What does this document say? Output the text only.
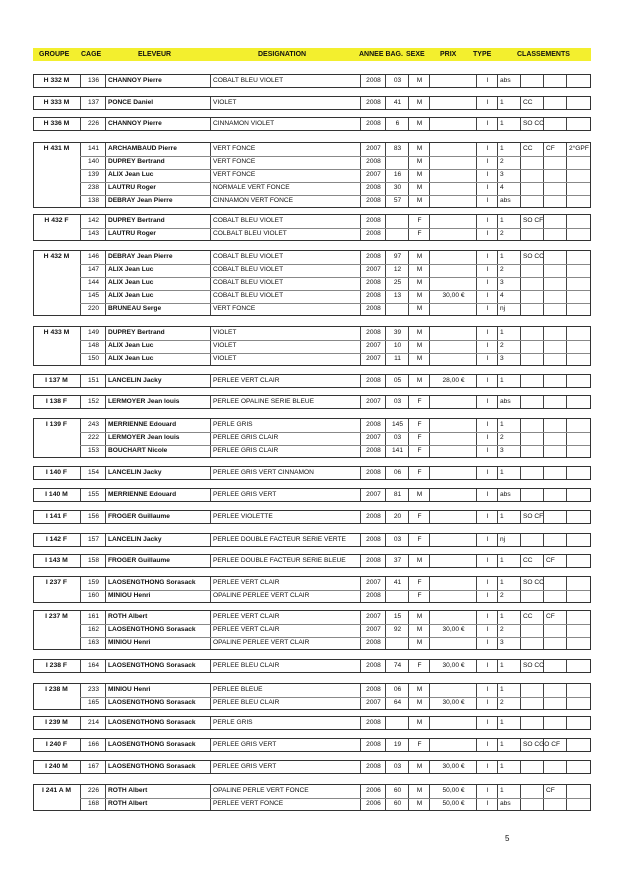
GROUPE CAGE	ELEVEUR	DESIGNATION	ANNEE BAG. SEXE PRIX TYPE	CLASSEMENTS
H 332 M	136	CHANNOY Pierre	COBALT BLEU VIOLET	2008	03	M	I	abs
H 333 M	137	PONCE Daniel	VIOLET	2008	41	M	I	1	CC
H 336 M	226	CHANNOY Pierre	CINNAMON VIOLET	2008	6	M	I	1	SO CC
H 431 M	141	ARCHAMBAUD Pierre	VERT FONCE	2007	83	M	I	1	CC	CF	2°GPF
140	DUPREY Bertrand	VERT FONCE	2008	M	I	2
139	ALIX Jean Luc	VERT FONCE	2007	16	M	I	3
238	LAUTRU Roger	NORMALE VERT FONCE	2008	30	M	I	4
138	DEBRAY Jean Pierre	CINNAMON VERT FONCE	2008	57	M	I	abs
H 432 F	142	DUPREY Bertrand	COBALT BLEU VIOLET	2008	F	I	1	SO CF
143	LAUTRU Roger	COLBALT BLEU VIOLET	2008	F	I	2
H 432 M	146	DEBRAY Jean Pierre	COBALT BLEU VIOLET	2008	97	M	I	1	SO CC
147	ALIX Jean Luc	COBALT BLEU VIOLET	2007	12	M	I	2
144	ALIX Jean Luc	COBALT BLEU VIOLET	2008	25	M	I	3
145	ALIX Jean Luc	COBALT BLEU VIOLET	2008	13	M	30,00 €	I	4
220	BRUNEAU Serge	VERT FONCE	2008	M	I	nj
H 433 M	149	DUPREY Bertrand	VIOLET	2008	39	M	I	1
148	ALIX Jean Luc	VIOLET	2007	10	M	I	2
150	ALIX Jean Luc	VIOLET	2007	11	M	I	3
I 137 M	151	LANCELIN Jacky	PERLEE VERT CLAIR	2008	05	M	28,00 €	I	1
I 138 F	152	LERMOYER Jean louis	PERLEE OPALINE SERIE BLEUE	2007	03	F	I	abs
I 139 F	243	MERRIENNE Edouard	PERLE GRIS	2008	145	F	I	1
222	LERMOYER Jean louis	PERLEE GRIS CLAIR	2007	03	F	I	2
153	BOUCHART Nicole	PERLEE GRIS CLAIR	2008	141	F	I	3
I 140 F	154	LANCELIN Jacky	PERLEE GRIS VERT CINNAMON	2008	06	F	I	1
I 140 M	155	MERRIENNE Edouard	PERLEE GRIS VERT	2007	81	M	I	abs
I 141 F	156	FROGER Guillaume	PERLEE VIOLETTE	2008	20	F	I	1	SO CF
I 142 F	157	LANCELIN Jacky	PERLEE DOUBLE FACTEUR SERIE VERTE	2008	03	F	I	nj
I 143 M	158	FROGER Guillaume	PERLEE DOUBLE FACTEUR SERIE BLEUE	2008	37	M	I	1	CC	CF
I 237 F	159	LAOSENGTHONG Sorasack	PERLEE VERT CLAIR	2007	41	F	I	1	SO CC
160	MINIOU Henri	OPALINE PERLEE VERT CLAIR	2008	F	I	2
I 237 M	161	ROTH Albert	PERLEE VERT CLAIR	2007	15	M	I	1	CC	CF
162	LAOSENGTHONG Sorasack	PERLEE VERT CLAIR	2007	92	M	30,00 €	I	2
163	MINIOU Henri	OPALINE PERLEE VERT CLAIR	2008	M	I	3
I 238 F	164	LAOSENGTHONG Sorasack	PERLEE BLEU CLAIR	2008	74	F	30,00 €	I	1	SO CC
I 238 M	233	MINIOU Henri	PERLEE BLEUE	2008	06	M	I	1
165	LAOSENGTHONG Sorasack	PERLEE BLEU CLAIR	2007	64	M	30,00 €	I	2
I 239 M	214	LAOSENGTHONG Sorasack	PERLE GRIS	2008	M	I	1
I 240 F	166	LAOSENGTHONG Sorasack	PERLEE GRIS VERT	2008	19	F	I	1	SO CGO CF
I 240 M	167	LAOSENGTHONG Sorasack	PERLEE GRIS VERT	2008	03	M	30,00 €	I	1
I 241 A M	226	ROTH Albert	OPALINE PERLE VERT FONCE	2006	60	M	50,00 €	I	1	CF
168	ROTH Albert	PERLEE VERT FONCE	2006	60	M	50,00 €	I	abs
5
